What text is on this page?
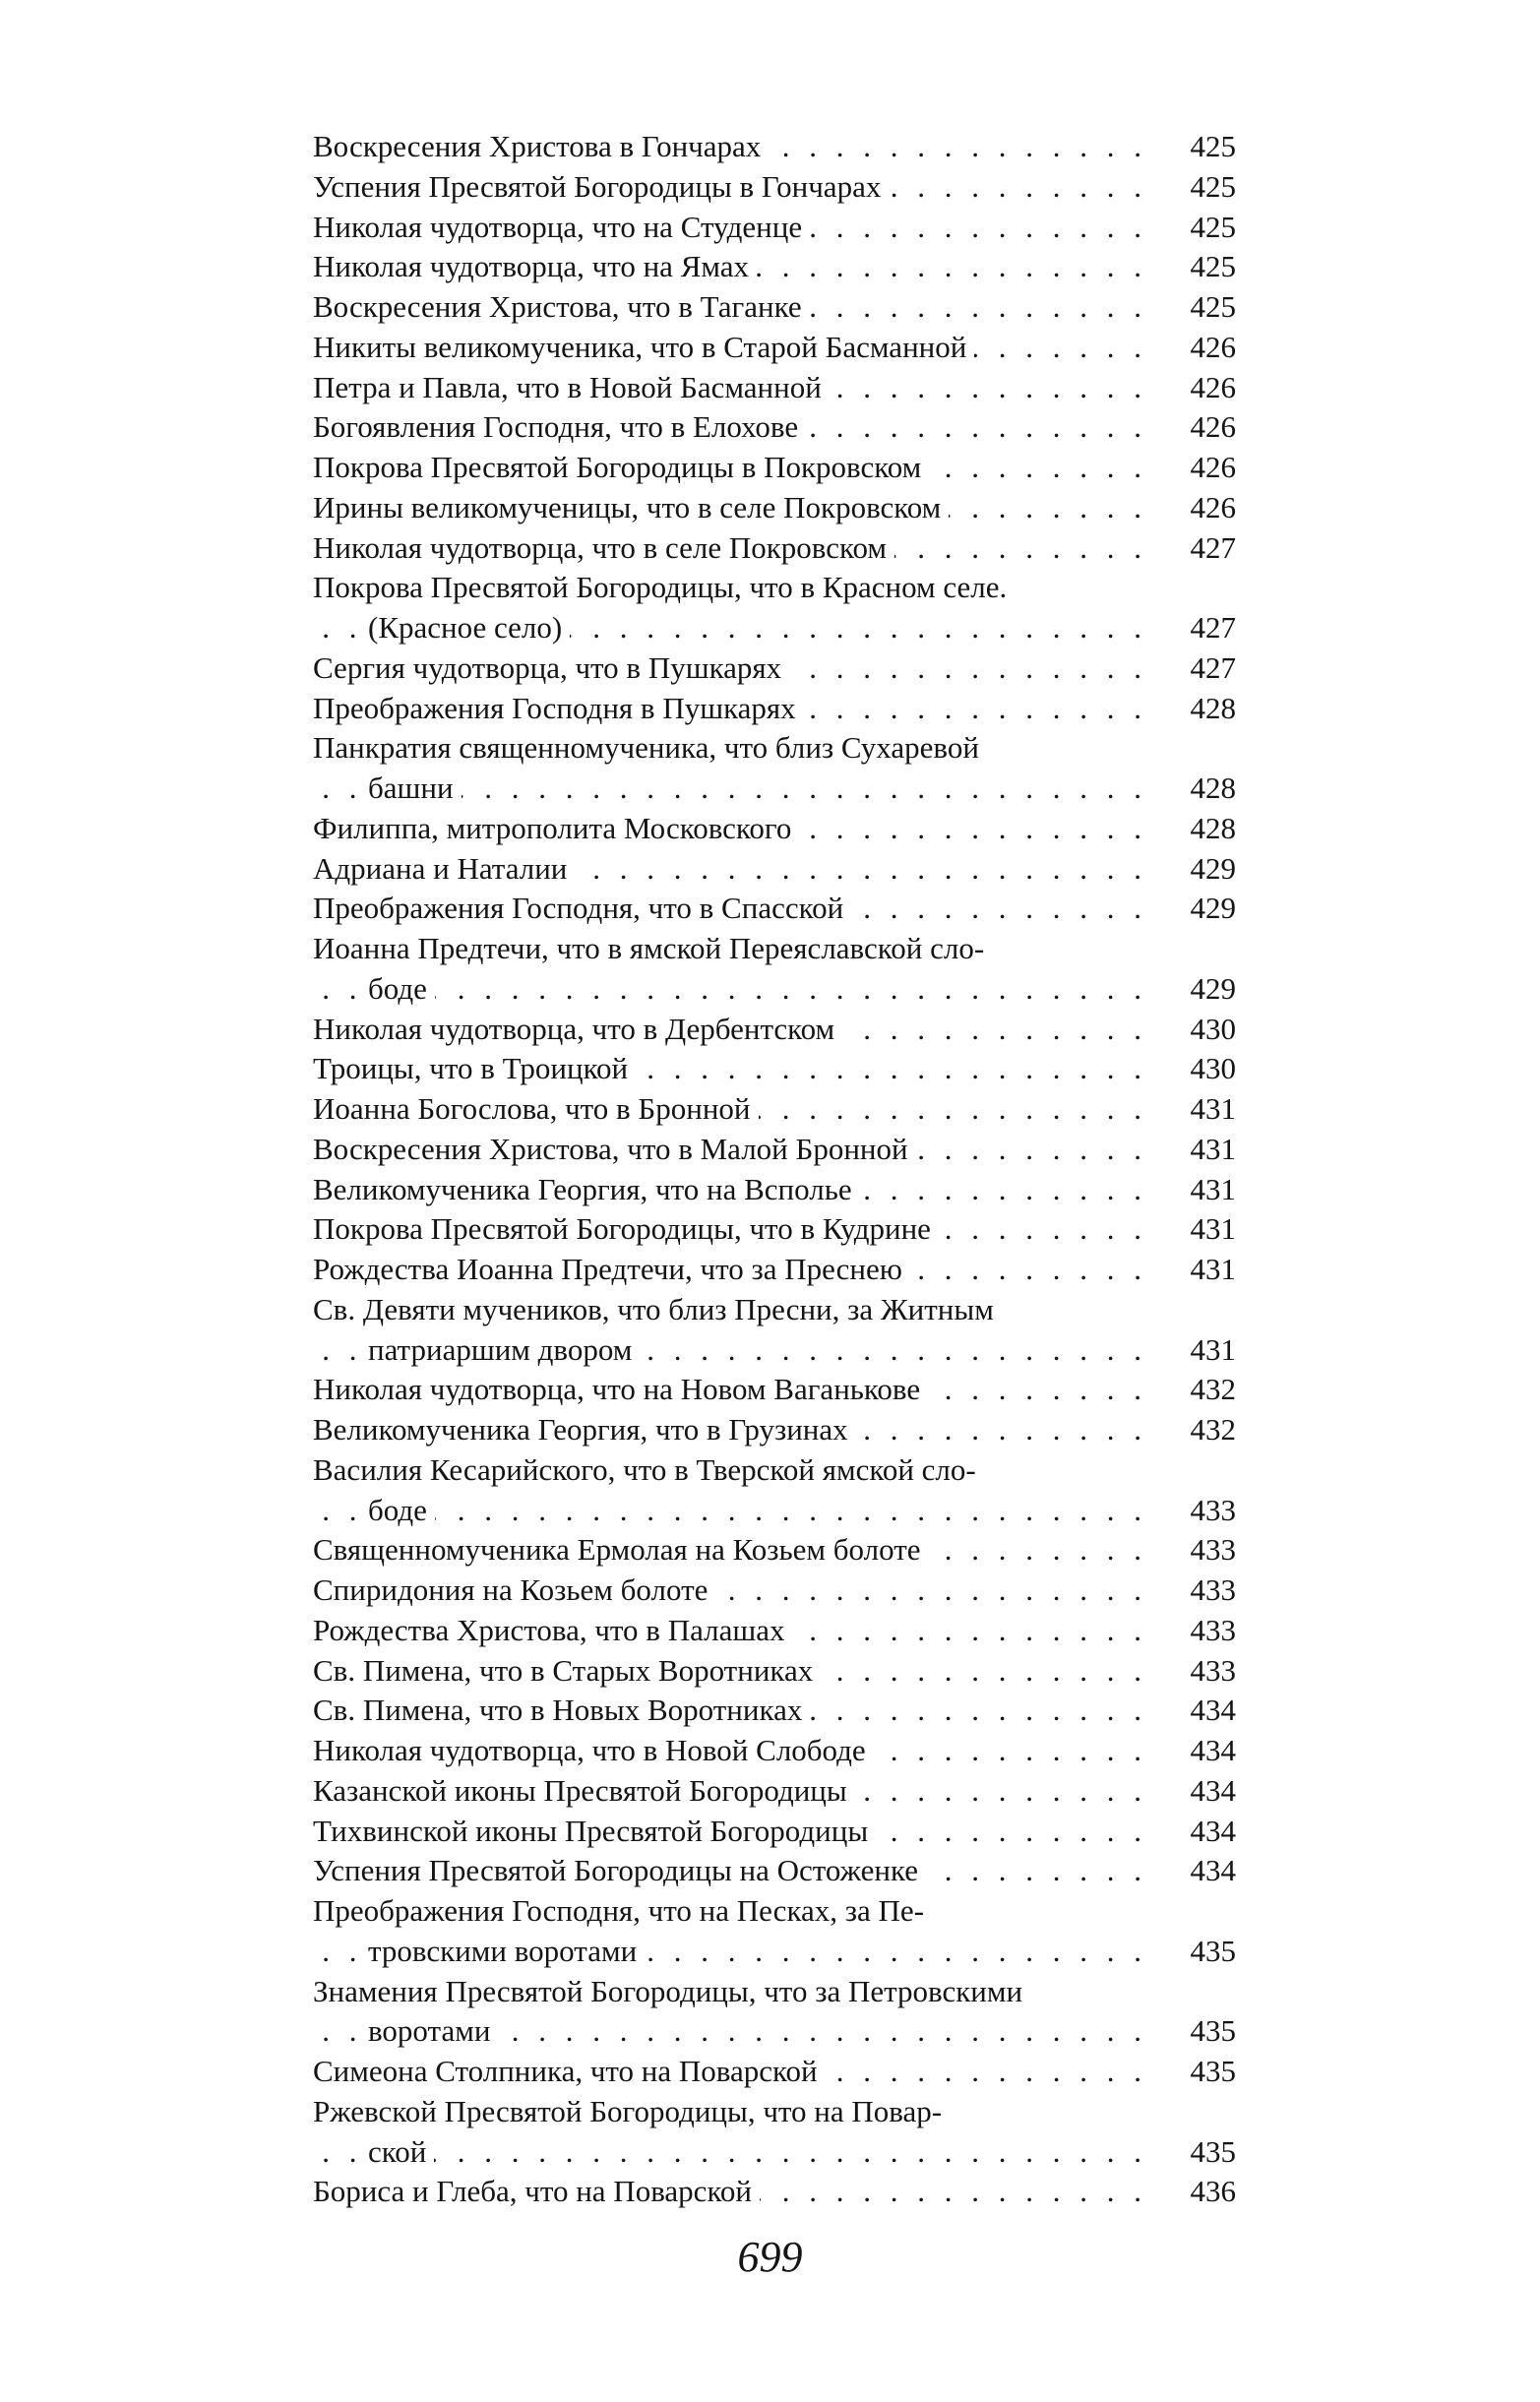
Воскресения Христова в Гончарах	425
. . .
Успения Пресвятой Богородицы в Гончарах	425
. . .
Николая чудотворца, что на Студенце	425
. . .
Николая чудотворца, что на Ямах	425
. . .
Воскресения Христова, что в Таганке	425
. . .
Никиты великомученика, что в Старой Басманной	426
. . .
Петра и Павла, что в Новой Басманной	426
. . .
Богоявления Господня, что в Елохове	426
. . .
Покрова Пресвятой Богородицы в Покровском	426
. . .
Ирины великомученицы, что в селе Покровском	426
. . .
Николая чудотворца, что в селе Покровском	427
. . .
Покрова Пресвятой Богородицы, что в Красном селе.
(Красное село)	427
. . .
Сергия чудотворца, что в Пушкарях	427
. . .
Преображения Господня в Пушкарях	428
. . .
Панкратия священномученика, что близ Сухаревой
башни	428
. . .
Филиппа, митрополита Московского	428
. . .
Адриана и Наталии	429
. . .
Преображения Господня, что в Спасской	429
. . .
Иоанна Предтечи, что в ямской Переяславской сло-
боде	429
. . .
Николая чудотворца, что в Дербентском	430
. . .
Троицы, что в Троицкой	430
. . .
Иоанна Богослова, что в Бронной	431
. . .
Воскресения Христова, что в Малой Бронной	431
. . .
Великомученика Георгия, что на Всполье	431
. . .
Покрова Пресвятой Богородицы, что в Кудрине	431
. . .
Рождества Иоанна Предтечи, что за Преснею	431
. . .
Св. Девяти мучеников, что близ Пресни, за Житным
патриаршим двором	431
. . .
Николая чудотворца, что на Новом Ваганькове	432
. . .
Великомученика Георгия, что в Грузинах	432
. . .
Василия Кесарийского, что в Тверской ямской сло-
боде	433
. . .
Священномученика Ермолая на Козьем болоте	433
. . .
Спиридония на Козьем болоте	433
. . .
Рождества Христова, что в Палашах	433
. . .
Св. Пимена, что в Старых Воротниках	433
. . .
Св. Пимена, что в Новых Воротниках	434
. . .
Николая чудотворца, что в Новой Слободе	434
. . .
Казанской иконы Пресвятой Богородицы	434
. . .
Тихвинской иконы Пресвятой Богородицы	434
. . .
Успения Пресвятой Богородицы на Остоженке	434
. . .
Преображения Господня, что на Песках, за Пе-
тровскими воротами	435
. . .
Знамения Пресвятой Богородицы, что за Петровскими
воротами	435
. . .
Симеона Столпника, что на Поварской	435
. . .
Ржевской Пресвятой Богородицы, что на Повар-
ской	435
. . .
Бориса и Глеба, что на Поварской	436
. . .
699
